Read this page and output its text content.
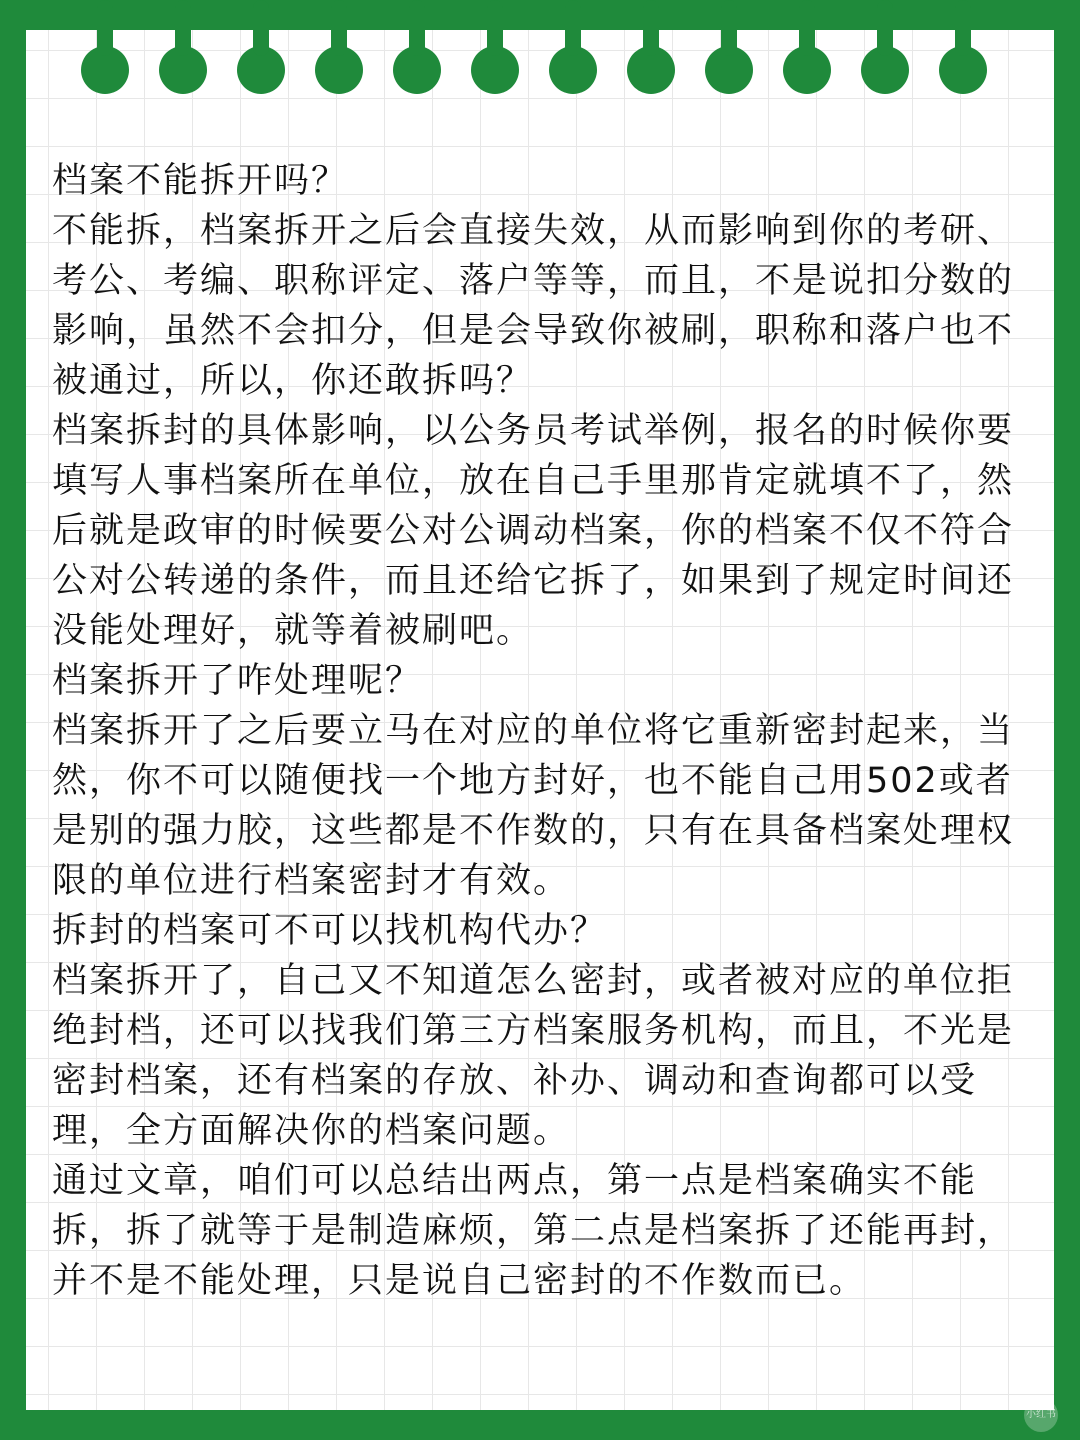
档案不能拆开吗？

不能拆，档案拆开之后会直接失效，从而影响到你的考研、考公、考编、职称评定、落户等等，而且，不是说扣分数的影响，虽然不会扣分，但是会导致你被刷，职称和落户也不被通过，所以，你还敢拆吗？

档案拆封的具体影响，以公务员考试举例，报名的时候你要填写人事档案所在单位，放在自己手里那肯定就填不了，然后就是政审的时候要公对公调动档案，你的档案不仅不符合公对公转递的条件，而且还给它拆了，如果到了规定时间还没能处理好，就等着被刷吧。

档案拆开了咋处理呢？

档案拆开了之后要立马在对应的单位将它重新密封起来，当然，你不可以随便找一个地方封好，也不能自己用502或者是别的强力胶，这些都是不作数的，只有在具备档案处理权限的单位进行档案密封才有效。

拆封的档案可不可以找机构代办？

档案拆开了，自己又不知道怎么密封，或者被对应的单位拒绝封档，还可以找我们第三方档案服务机构，而且，不光是密封档案，还有档案的存放、补办、调动和查询都可以受理，全方面解决你的档案问题。

通过文章，咱们可以总结出两点，第一点是档案确实不能拆，拆了就等于是制造麻烦，第二点是档案拆了还能再封，并不是不能处理，只是说自己密封的不作数而已。

小红书
